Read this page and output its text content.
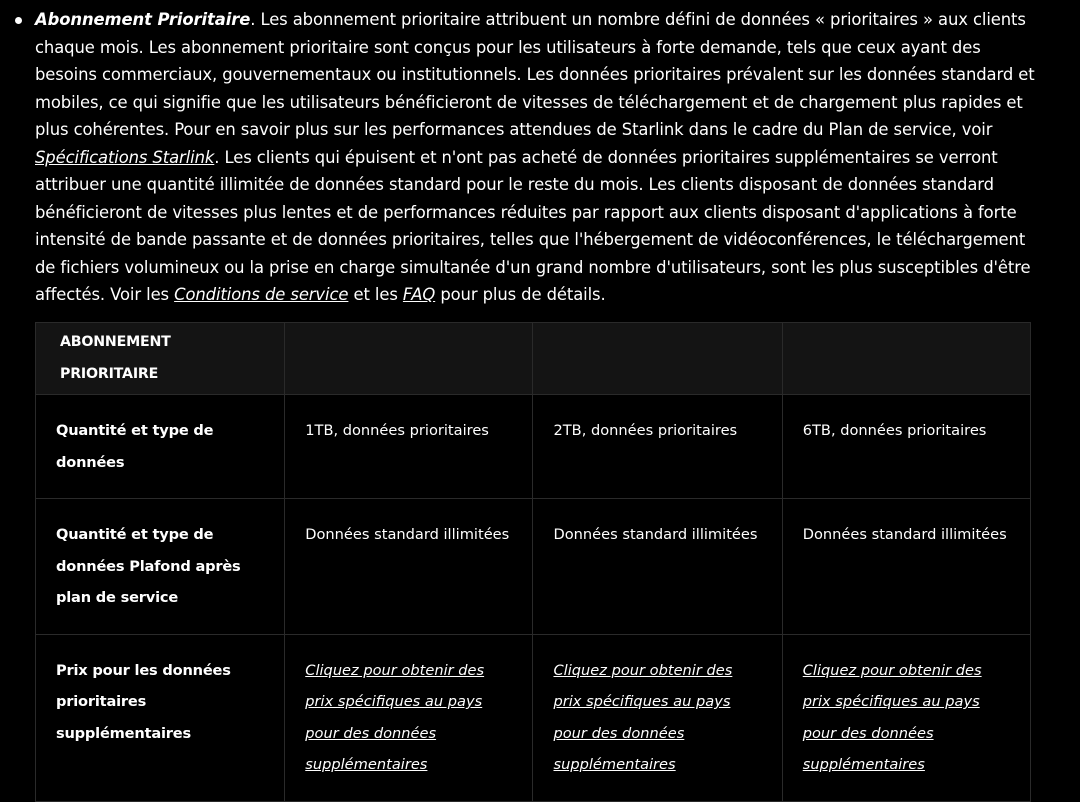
Abonnement Prioritaire. Les abonnement prioritaire attribuent un nombre défini de données « prioritaires » aux clients chaque mois. Les abonnement prioritaire sont conçus pour les utilisateurs à forte demande, tels que ceux ayant des besoins commerciaux, gouvernementaux ou institutionnels. Les données prioritaires prévalent sur les données standard et mobiles, ce qui signifie que les utilisateurs bénéficieront de vitesses de téléchargement et de chargement plus rapides et plus cohérentes. Pour en savoir plus sur les performances attendues de Starlink dans le cadre du Plan de service, voir Spécifications Starlink. Les clients qui épuisent et n'ont pas acheté de données prioritaires supplémentaires se verront attribuer une quantité illimitée de données standard pour le reste du mois. Les clients disposant de données standard bénéficieront de vitesses plus lentes et de performances réduites par rapport aux clients disposant d'applications à forte intensité de bande passante et de données prioritaires, telles que l'hébergement de vidéoconférences, le téléchargement de fichiers volumineux ou la prise en charge simultanée d'un grand nombre d'utilisateurs, sont les plus susceptibles d'être affectés. Voir les Conditions de service et les FAQ pour plus de détails.

ABONNEMENT PRIORITAIRE			
Quantité et type de données	1TB, données prioritaires	2TB, données prioritaires	6TB, données prioritaires
Quantité et type de données Plafond après plan de service	Données standard illimitées	Données standard illimitées	Données standard illimitées
Prix pour les données prioritaires supplémentaires	Cliquez pour obtenir des prix spécifiques au pays pour des données supplémentaires	Cliquez pour obtenir des prix spécifiques au pays pour des données supplémentaires	Cliquez pour obtenir des prix spécifiques au pays pour des données supplémentaires
